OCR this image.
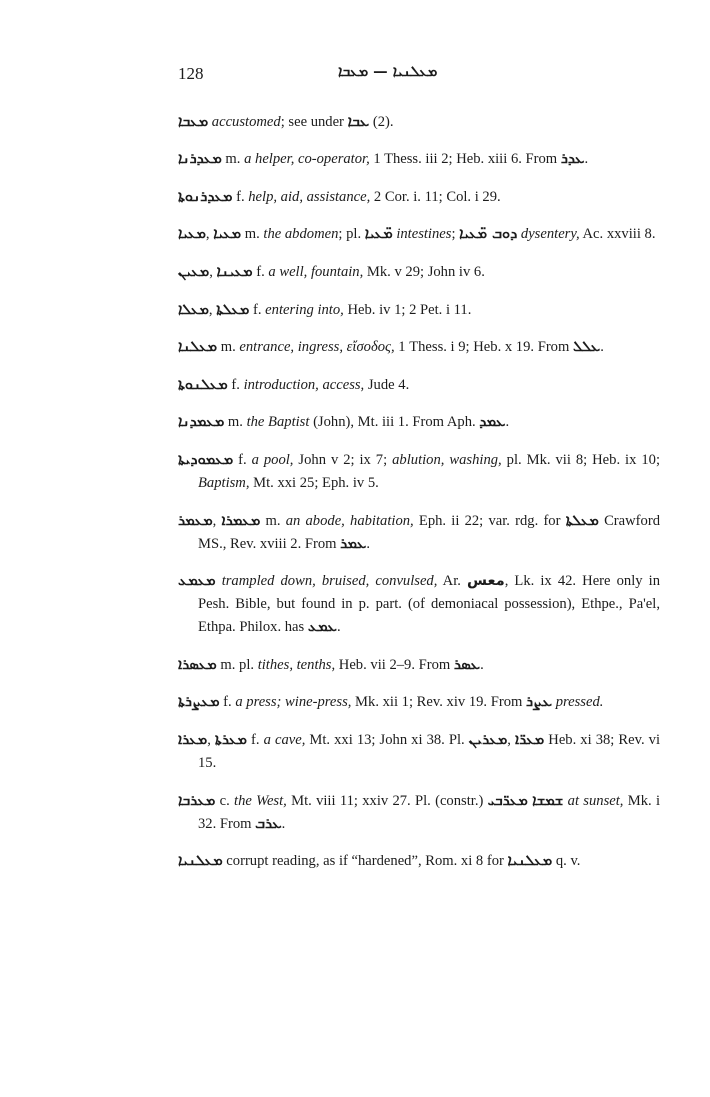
128	ܡܥܠܢܝܐ — ܡܥܒܐ

ܡܥܒܐ accustomed; see under ܥܒܐ (2).

ܡܥܕܪܢܐ m. a helper, co-operator, 1 Thess. iii 2; Heb. xiii 6. From ܥܕܪ.

ܡܥܕܪܢܘܬܐ f. help, aid, assistance, 2 Cor. i. 11; Col. i 29.

ܡܥܝܐ, ܡܥܝܐ m. the abdomen; pl. ܡ̈ܥܝܐ intestines; ܕܘܒ ܡ̈ܥܝܐ dysentery, Ac. xxviii 8.

ܡܥܝܢ, ܡܥܝܢܐ f. a well, fountain, Mk. v 29; John iv 6.

ܡܥܠܐ, ܡܥܠܬܐ f. entering into, Heb. iv 1; 2 Pet. i 11.

ܡܥܠܢܐ m. entrance, ingress, εἴσοδος, 1 Thess. i 9; Heb. x 19. From ܥܠܠ.

ܡܥܠܢܘܬܐ f. introduction, access, Jude 4.

ܡܥܡܕܢܐ m. the Baptist (John), Mt. iii 1. From Aph. ܥܡܕ.

ܡܥܡܘܕܝܬܐ f. a pool, John v 2; ix 7; ablution, washing, pl. Mk. vii 8; Heb. ix 10; Baptism, Mt. xxi 25; Eph. iv 5.

ܡܥܡܪ, ܡܥܡܪܐ m. an abode, habitation, Eph. ii 22; var. rdg. for ܡܥܠܬܐ Crawford MS., Rev. xviii 2. From ܥܡܪ.

ܡܥܡܥ trampled down, bruised, convulsed, Ar. معس, Lk. ix 42. Here only in Pesh. Bible, but found in p. part. (of demoniacal possession), Ethpe., Pa'el, Ethpa. Philox. has ܥܡܥ.

ܡܥܣܪܐ m. pl. tithes, tenths, Heb. vii 2–9. From ܥܣܪ.

ܡܥܨܪܬܐ f. a press; wine-press, Mk. xii 1; Rev. xiv 19. From ܥܨܪ pressed.

ܡܥܪܐ, ܡܥܪܬܐ f. a cave, Mt. xxi 13; John xi 38. Pl. ܡܥܪܝܢ, ܡܥܪ̈ܐ Heb. xi 38; Rev. vi 15.

ܡܥܪܒܐ c. the West, Mt. viii 11; xxiv 27. Pl. (constr.) ܡܥܪ̈ܒܝ ܫܡܫܐ at sunset, Mk. i 32. From ܥܪܒ.

ܡܥܠܢܝܐ corrupt reading, as if “hardened”, Rom. xi 8 for ܡܥܠܢܝܐ q. v.
